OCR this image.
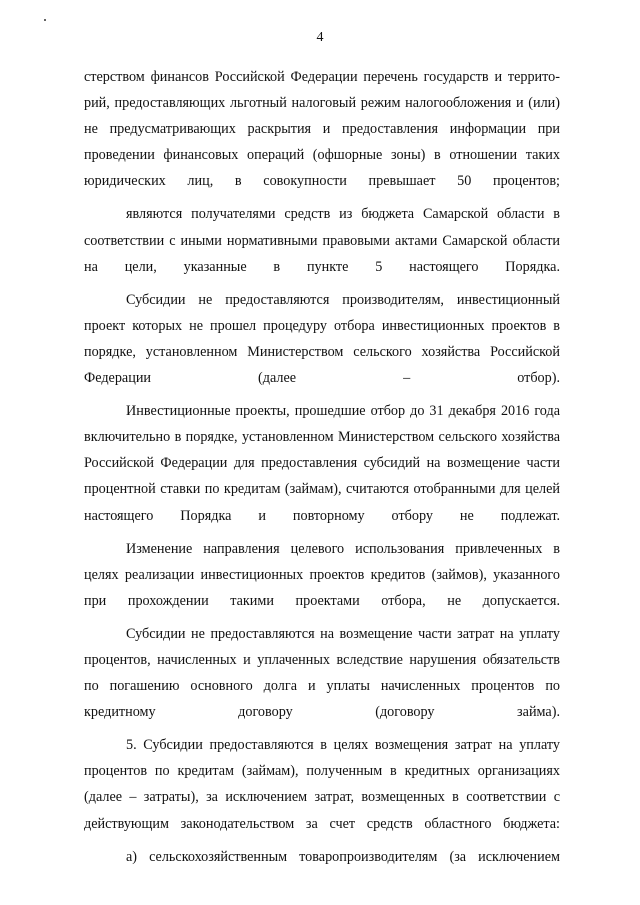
4

стерством финансов Российской Федерации перечень государств и территорий, предоставляющих льготный налоговый режим налогообложения и (или) не предусматривающих раскрытия и предоставления информации при проведении финансовых операций (офшорные зоны) в отношении таких юридических лиц, в совокупности превышает 50 процентов;

являются получателями средств из бюджета Самарской области в соответствии с иными нормативными правовыми актами Самарской области на цели, указанные в пункте 5 настоящего Порядка.

Субсидии не предоставляются производителям, инвестиционный проект которых не прошел процедуру отбора инвестиционных проектов в порядке, установленном Министерством сельского хозяйства Российской Федерации (далее – отбор).

Инвестиционные проекты, прошедшие отбор до 31 декабря 2016 года включительно в порядке, установленном Министерством сельского хозяйства Российской Федерации для предоставления субсидий на возмещение части процентной ставки по кредитам (займам), считаются отобранными для целей настоящего Порядка и повторному отбору не подлежат.

Изменение направления целевого использования привлеченных в целях реализации инвестиционных проектов кредитов (займов), указанного при прохождении такими проектами отбора, не допускается.

Субсидии не предоставляются на возмещение части затрат на уплату процентов, начисленных и уплаченных вследствие нарушения обязательств по погашению основного долга и уплаты начисленных процентов по кредитному договору (договору займа).

5. Субсидии предоставляются в целях возмещения затрат на уплату процентов по кредитам (займам), полученным в кредитных организациях (далее – затраты), за исключением затрат, возмещенных в соответствии с действующим законодательством за счет средств областного бюджета:

а) сельскохозяйственным товаропроизводителям (за исключением
